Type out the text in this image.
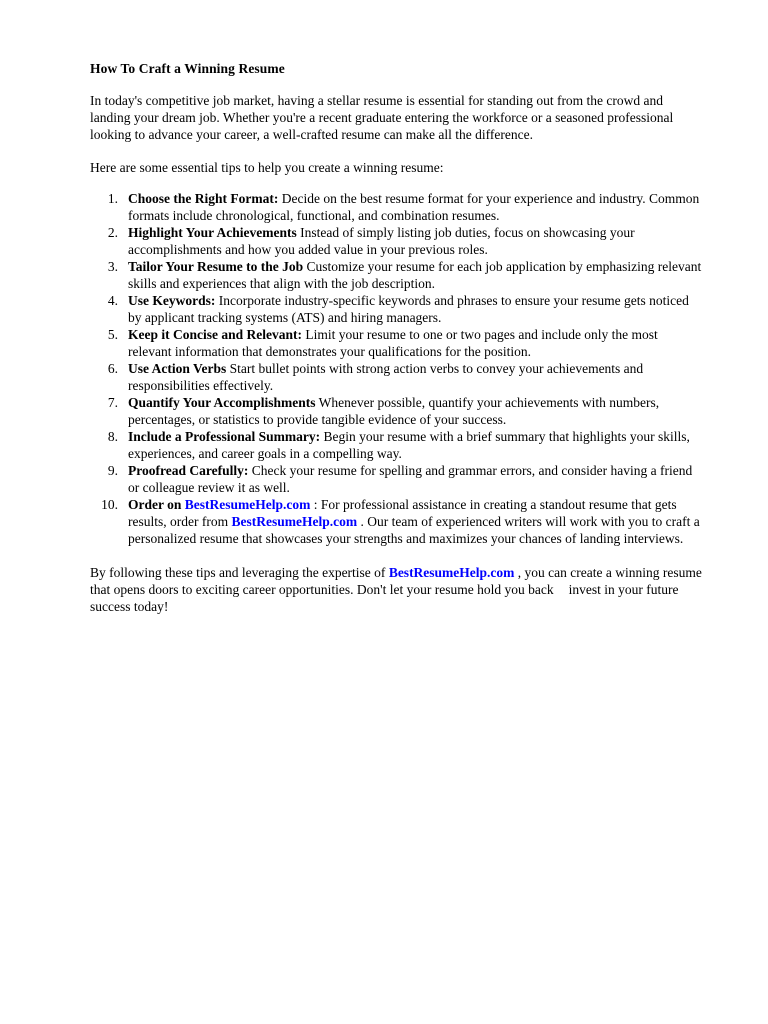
How To Craft a Winning Resume

In today's competitive job market, having a stellar resume is essential for standing out from the crowd and landing your dream job. Whether you're a recent graduate entering the workforce or a seasoned professional looking to advance your career, a well-crafted resume can make all the difference.

Here are some essential tips to help you create a winning resume:

1. Choose the Right Format: Decide on the best resume format for your experience and industry. Common formats include chronological, functional, and combination resumes.
2. Highlight Your Achievements Instead of simply listing job duties, focus on showcasing your accomplishments and how you added value in your previous roles.
3. Tailor Your Resume to the Job Customize your resume for each job application by emphasizing relevant skills and experiences that align with the job description.
4. Use Keywords: Incorporate industry-specific keywords and phrases to ensure your resume gets noticed by applicant tracking systems (ATS) and hiring managers.
5. Keep it Concise and Relevant: Limit your resume to one or two pages and include only the most relevant information that demonstrates your qualifications for the position.
6. Use Action Verbs Start bullet points with strong action verbs to convey your achievements and responsibilities effectively.
7. Quantify Your Accomplishments Whenever possible, quantify your achievements with numbers, percentages, or statistics to provide tangible evidence of your success.
8. Include a Professional Summary: Begin your resume with a brief summary that highlights your skills, experiences, and career goals in a compelling way.
9. Proofread Carefully: Check your resume for spelling and grammar errors, and consider having a friend or colleague review it as well.
10. Order on BestResumeHelp.com : For professional assistance in creating a standout resume that gets results, order from BestResumeHelp.com . Our team of experienced writers will work with you to craft a personalized resume that showcases your strengths and maximizes your chances of landing interviews.

By following these tips and leveraging the expertise of BestResumeHelp.com , you can create a winning resume that opens doors to exciting career opportunities. Don't let your resume hold you back invest in your future success today!
